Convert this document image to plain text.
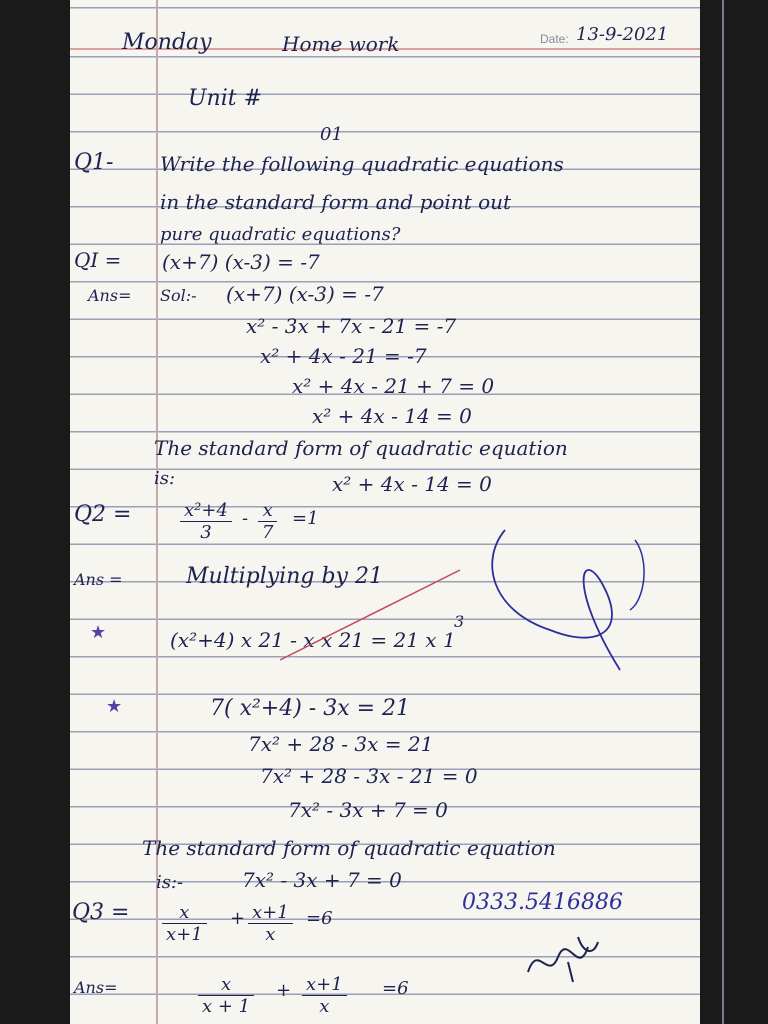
Monday	Home work	Date: 13-9-2021
Unit #
01
Q1- Write the following quadratic equations
in the standard form and point out
pure quadratic equations?
QI = (x+7) (x-3) = -7
Ans= Sol:- (x+7) (x-3) = -7
x² - 3x + 7x - 21 = -7
x² + 4x - 21 = -7
x² + 4x - 21 + 7 = 0
x² + 4x - 14 = 0
The standard form of quadratic equation
is:	x² + 4x - 14 = 0
Q2 =	$\frac{\text{x²+4}}{3} - \frac{x}{7} =1$
Ans =	Multiplying by 21
★	(x²+4) x 21 - x x 21 = 21 x 1
3
★	7( x²+4) - 3x = 21
7x² + 28 - 3x = 21
7x² + 28 - 3x - 21 = 0
7x² - 3x + 7 = 0
The standard form of quadratic equation
is:-	7x² - 3x + 7 = 0
$Q3 = \frac{x}{x+1} + \frac{x+1}{x} =6$
0333.5416886
Ans=	$\frac{x}{x + 1} + \frac{x+1}{x} =6$
